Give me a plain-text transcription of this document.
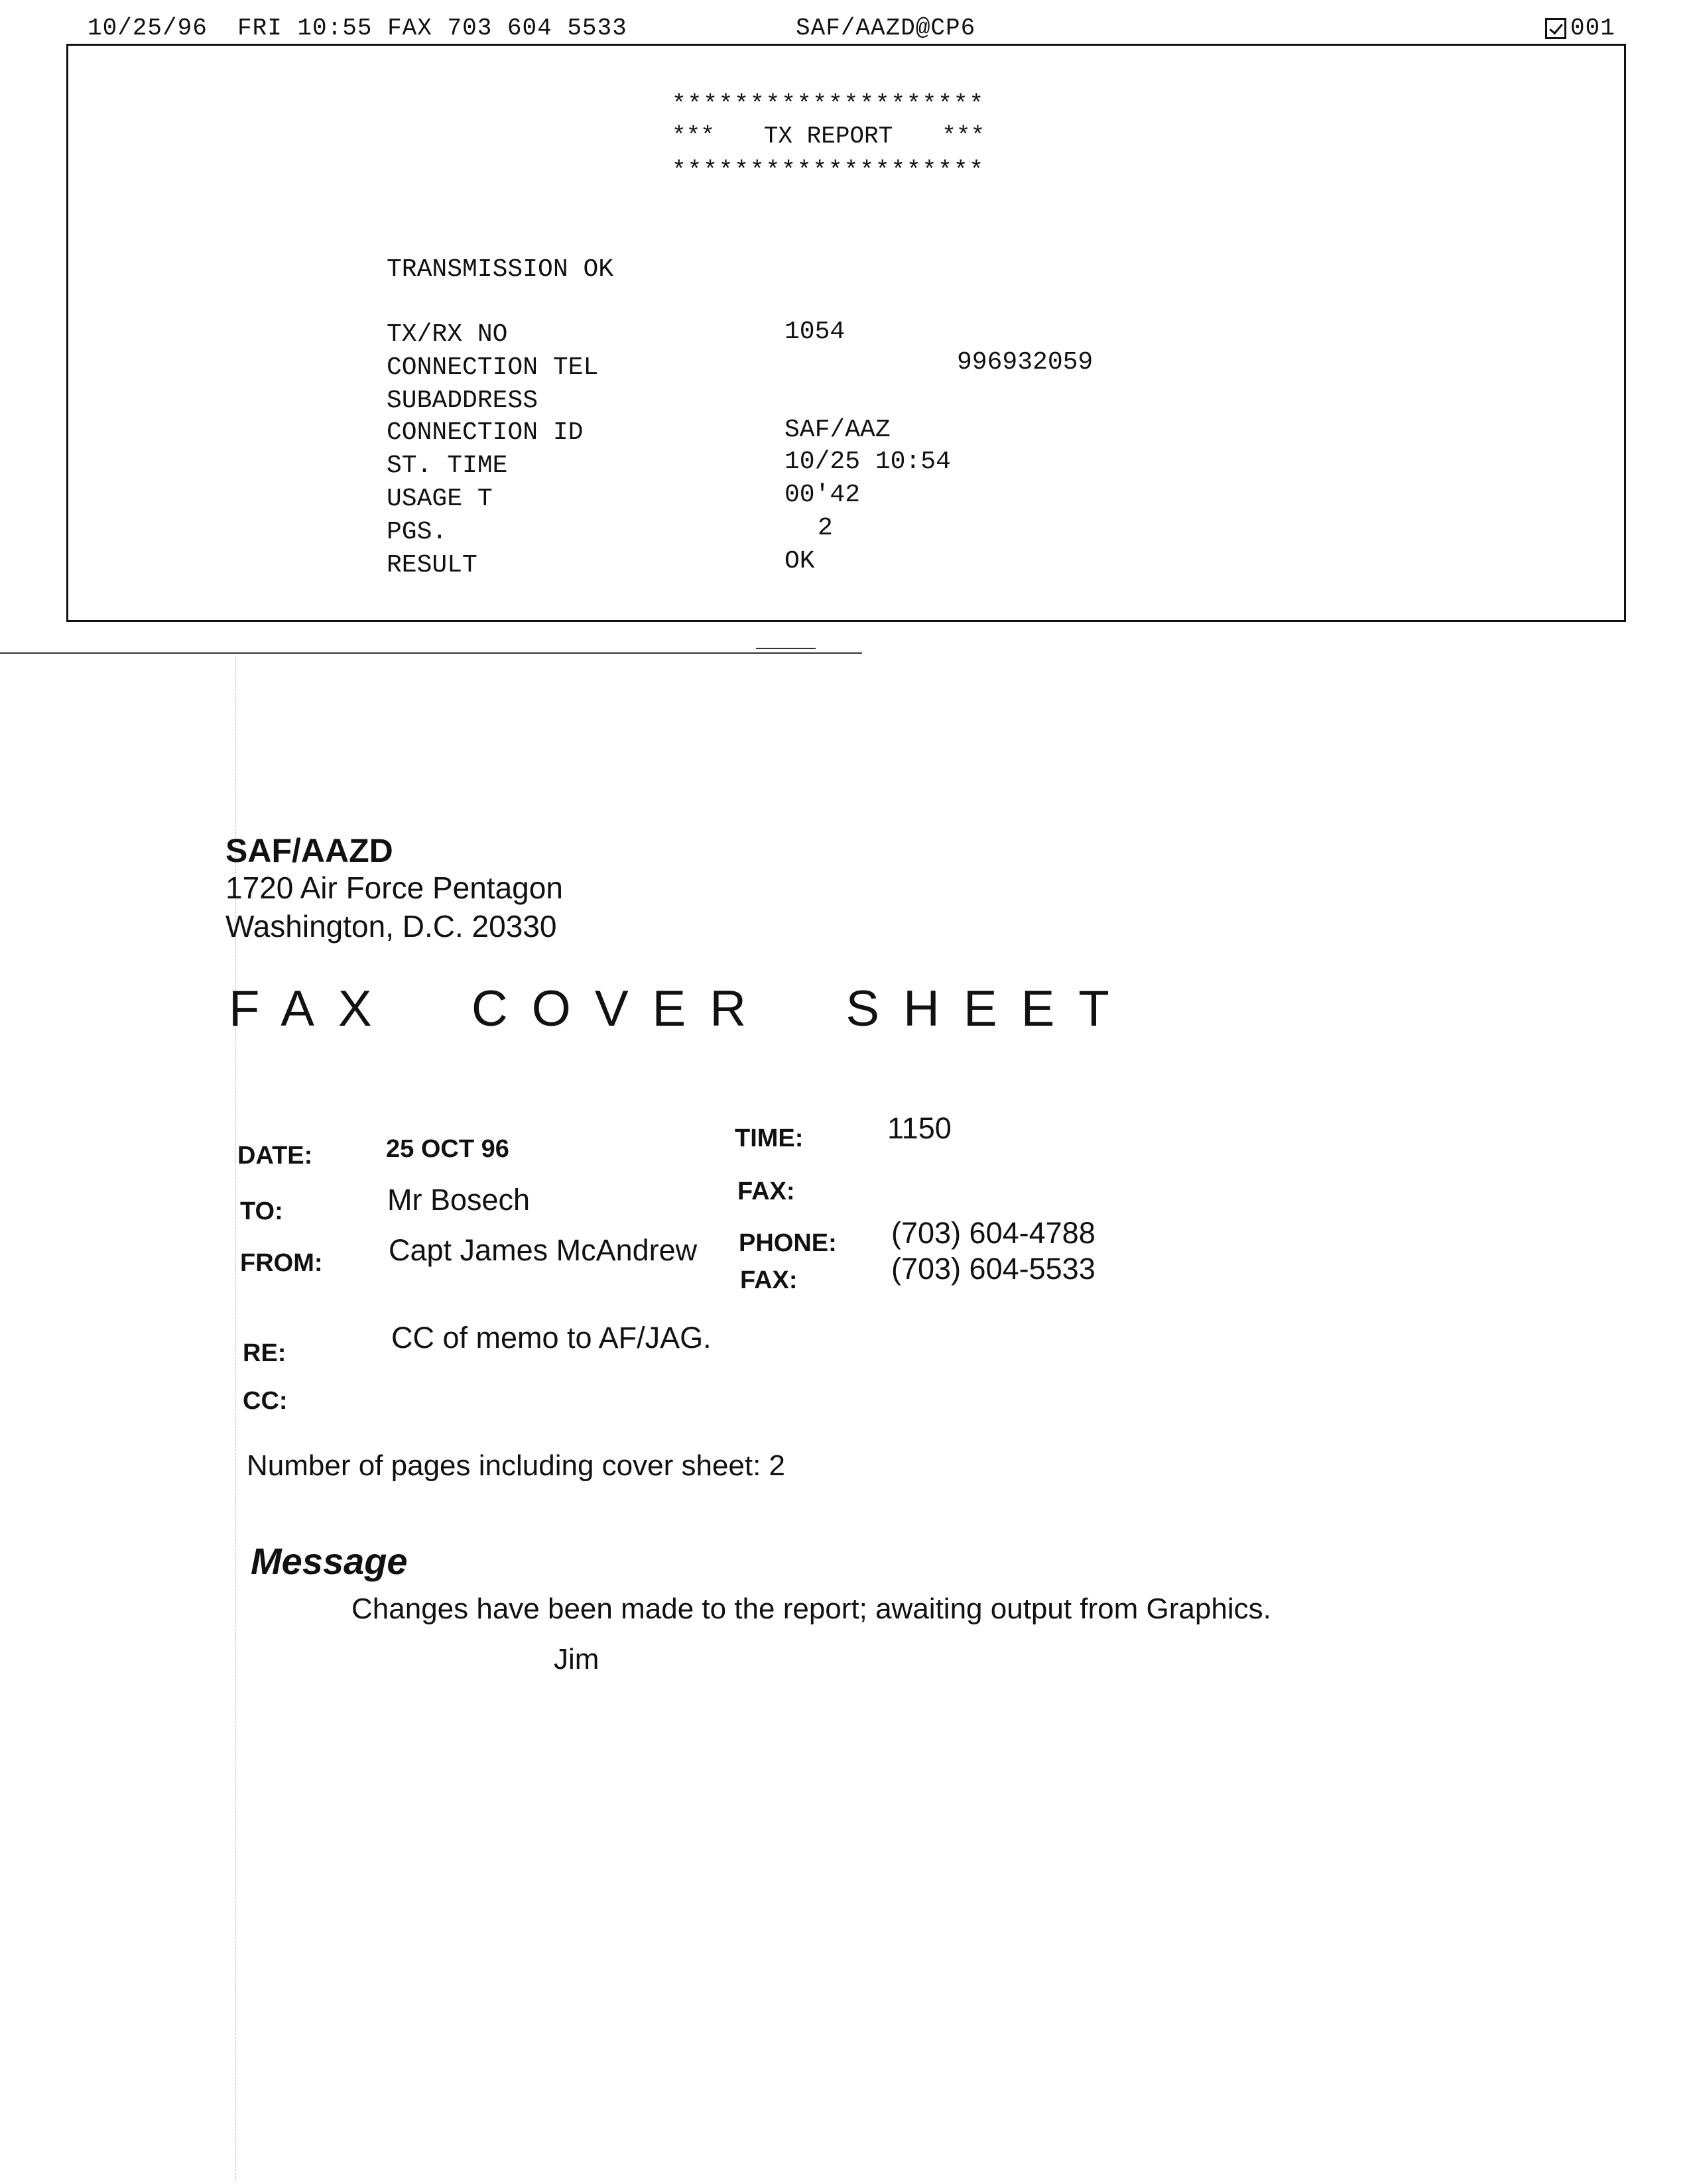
10/25/96  FRI 10:55 FAX 703 604 5533	SAF/AAZD@CP6	001
********************
*** TX REPORT ***
********************
TRANSMISSION OK
TX/RX NO	1054
CONNECTION TEL	996932059
SUBADDRESS
CONNECTION ID	SAF/AAZ
ST. TIME	10/25 10:54
USAGE T	00'42
PGS.	2
RESULT	OK
SAF/AAZD
1720 Air Force Pentagon
Washington, D.C. 20330
FAX  COVER  SHEET
DATE:	25 OCT 96	TIME:	1150
TO:	Mr Bosech	FAX:
FROM: Capt James McAndrew PHONE: (703) 604-4788
FAX:	(703) 604-5533
RE:	CC of memo to AF/JAG.
CC:
Number of pages including cover sheet: 2
Message
Changes have been made to the report; awaiting output from Graphics.
Jim
